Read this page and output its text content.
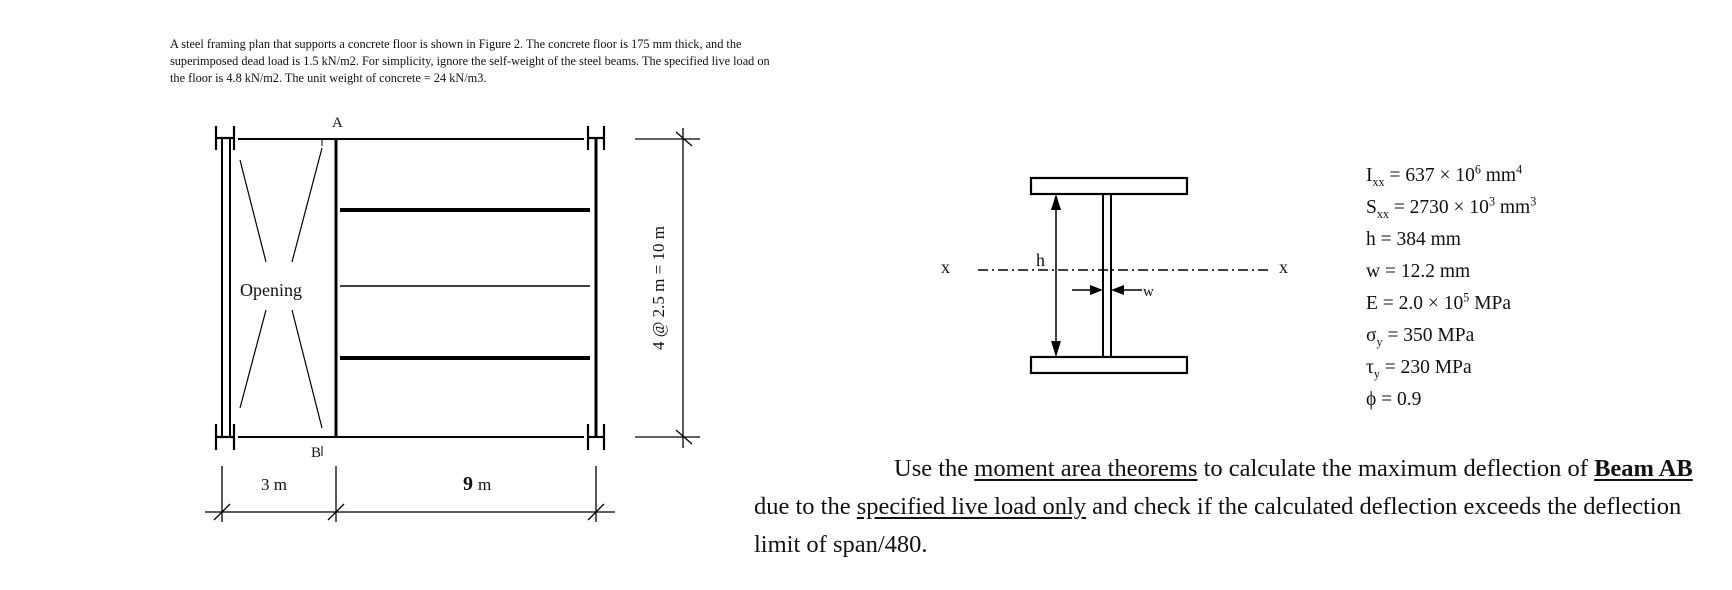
A steel framing plan that supports a concrete floor is shown in Figure 2. The concrete floor is 175 mm thick, and the
superimposed dead load is 1.5 kN/m2. For simplicity, ignore the self-weight of the steel beams. The specified live load on
the floor is 4.8 kN/m2. The unit weight of concrete = 24 kN/m3.
4 @ 2.5 m = 10 m
A
B
Opening
3 m	9 m
x	x
h
w
$I_{xx} = 637 \times 10^6$ $mm^4$
$S_{xx} = 2730 \times 10^3$ $mm^3$
h = 384 mm
w = 12.2 mm
$E = 2.0 \times 10^5$ MPa
$\sigma_y = 350$ MPa
$\tau_y = 230$ MPa
ϕ = 0.9
Use the moment area theorems to calculate the maximum deflection of Beam AB
due to the specified live load only and check if the calculated deflection exceeds the deflection
limit of span/480.
